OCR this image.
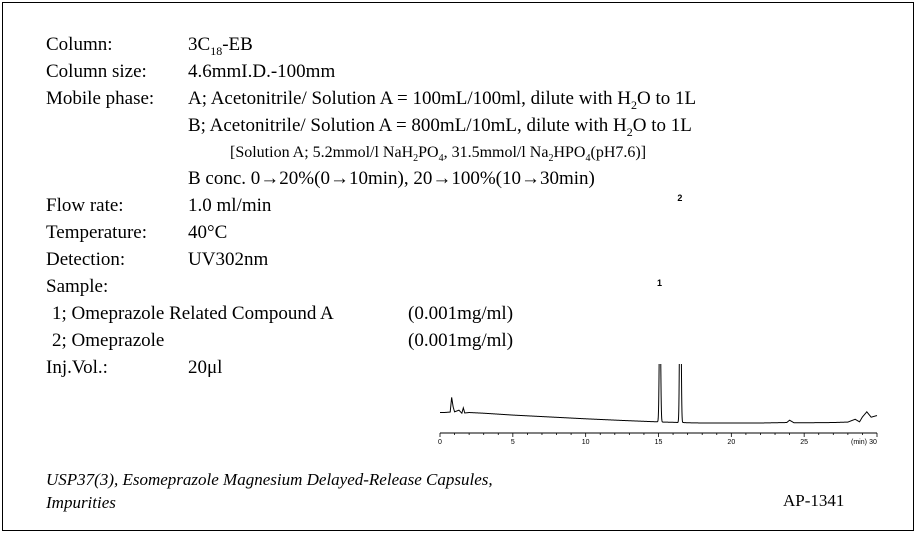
Column:	$3C_{18}-EB$
Column size: 4.6mmI.D.-100mm
Mobile phase: A; Acetonitrile/ Solution A = 100mL/100ml, dilute with $H_2O$ to 1L
B; Acetonitrile/ Solution A = 800mL/10mL, dilute with $H_2O$ to 1L
[Solution A; 5.2mmol/l $NaH_2PO_4$, 31.5mmol/l $Na_2HPO_4(pH7.6)$]
B conc. 0→20%(0→10min), 20→100%(10→30min)
Flow rate:	1.0 ml/min
Temperature: 40°C
Detection:	UV302nm
Sample:
1; Omeprazole Related Compound A	(0.001mg/ml)
2; Omeprazole	(0.001mg/ml)
Inj.Vol.:	20μl
0	5	10	15	20	25	30
(min)
1
2
USP37(3), Esomeprazole Magnesium Delayed-Release Capsules,
Impurities	AP-1341
